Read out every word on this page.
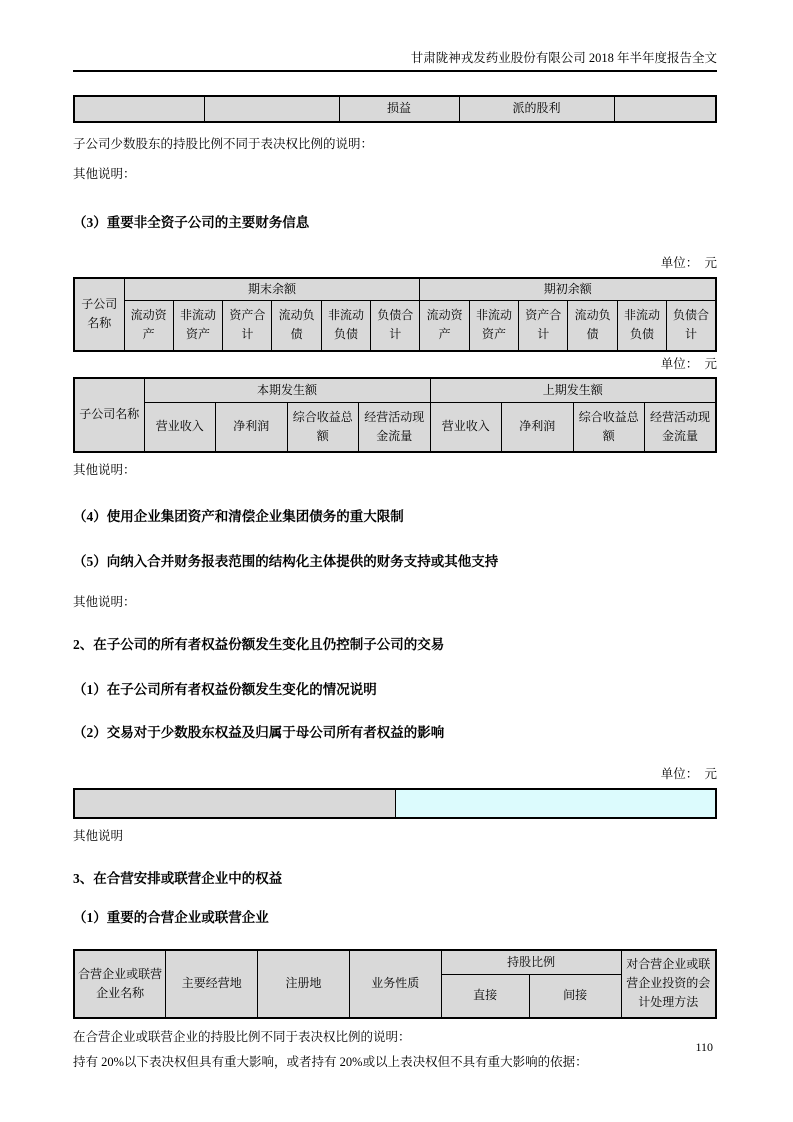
甘肃陇神戎发药业股份有限公司 2018 年半年度报告全文
		损益	派的股利	
子公司少数股东的持股比例不同于表决权比例的说明：
其他说明：
（3）重要非全资子公司的主要财务信息
单位：　元
子公司名称	期末余额						期初余额					
	流动资产	非流动资产	资产合计	流动负债	非流动负债	负债合计	流动资产	非流动资产	资产合计	流动负债	非流动负债	负债合计
单位：　元
子公司名称	本期发生额				上期发生额			
	营业收入	净利润	综合收益总额	经营活动现金流量	营业收入	净利润	综合收益总额	经营活动现金流量
其他说明：
（4）使用企业集团资产和清偿企业集团债务的重大限制
（5）向纳入合并财务报表范围的结构化主体提供的财务支持或其他支持
其他说明：
2、在子公司的所有者权益份额发生变化且仍控制子公司的交易
（1）在子公司所有者权益份额发生变化的情况说明
（2）交易对于少数股东权益及归属于母公司所有者权益的影响
单位：　元

其他说明
3、在合营安排或联营企业中的权益
（1）重要的合营企业或联营企业
合营企业或联营企业名称	主要经营地	注册地	业务性质	持股比例		对合营企业或联营企业投资的会计处理方法
				直接	间接	
在合营企业或联营企业的持股比例不同于表决权比例的说明：
持有 20%以下表决权但具有重大影响，或者持有 20%或以上表决权但不具有重大影响的依据：
110
